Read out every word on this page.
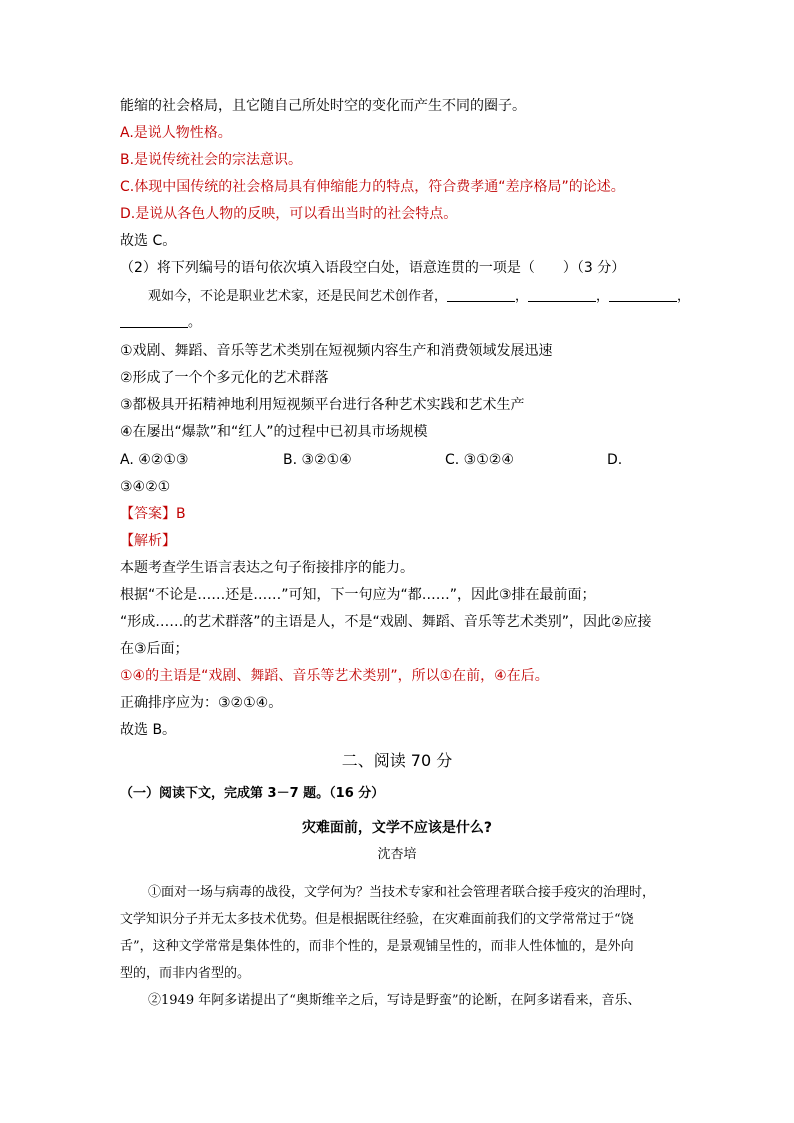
能缩的社会格局，且它随自己所处时空的变化而产生不同的圈子。
A.是说人物性格。
B.是说传统社会的宗法意识。
C.体现中国传统的社会格局具有伸缩能力的特点，符合费孝通“差序格局”的论述。
D.是说从各色人物的反映，可以看出当时的社会特点。
故选 C。
（2）将下列编号的语句依次填入语段空白处，语意连贯的一项是（　　）（3 分）
观如今，不论是职业艺术家，还是民间艺术创作者，	，	，	，
。
①戏剧、舞蹈、音乐等艺术类别在短视频内容生产和消费领域发展迅速
②形成了一个个多元化的艺术群落
③都极具开拓精神地利用短视频平台进行各种艺术实践和艺术生产
④在屡出“爆款”和“红人”的过程中已初具市场规模
A. ④②①③	B. ③②①④	C. ③①②④	D.
③④②①
【答案】B
【解析】
本题考查学生语言表达之句子衔接排序的能力。
根据“不论是……还是……”可知，下一句应为“都……”，因此③排在最前面；
“形成……的艺术群落”的主语是人，不是“戏剧、舞蹈、音乐等艺术类别”，因此②应接
在③后面；
①④的主语是“戏剧、舞蹈、音乐等艺术类别”，所以①在前，④在后。
正确排序应为：③②①④。
故选 B。
二、阅读 70 分
（一）阅读下文，完成第 3－7 题。（16 分）
灾难面前，文学不应该是什么?
沈杏培
①面对一场与病毒的战役，文学何为？当技术专家和社会管理者联合接手疫灾的治理时，
文学知识分子并无太多技术优势。但是根据既往经验，在灾难面前我们的文学常常过于“饶
舌”，这种文学常常是集体性的，而非个性的，是景观铺呈性的，而非人性体恤的，是外向
型的，而非内省型的。
②1949 年阿多诺提出了“奥斯维辛之后，写诗是野蛮”的论断，在阿多诺看来，音乐、
